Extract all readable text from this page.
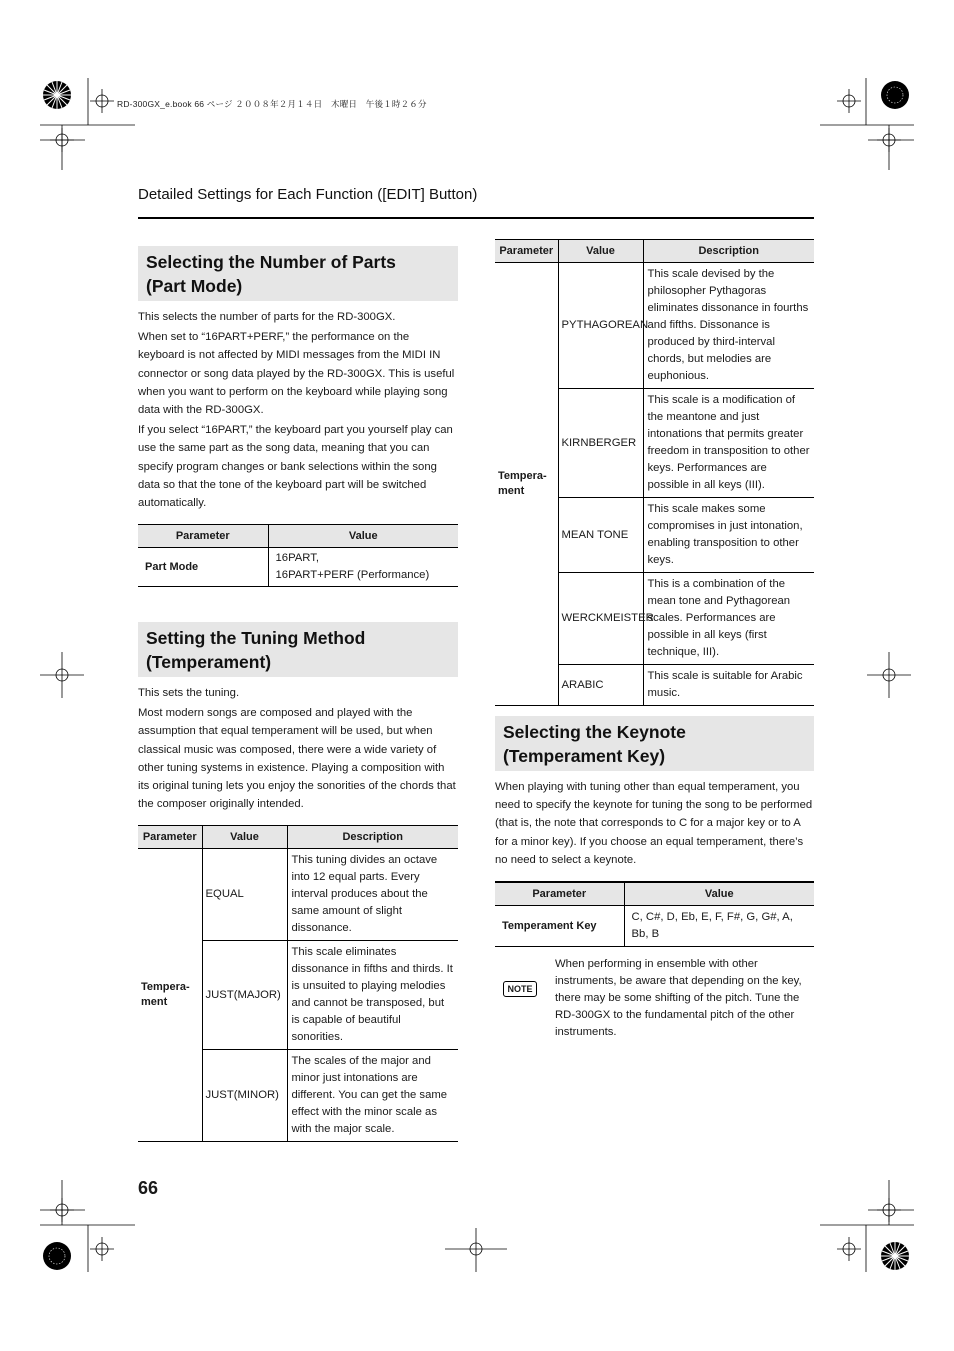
RD-300GX_e.book 66 ページ ２００８年２月１４日　木曜日　午後１時２６分
Detailed Settings for Each Function ([EDIT] Button)
Selecting the Number of Parts
(Part Mode)

This selects the number of parts for the RD-300GX.

When set to “16PART+PERF,” the performance on the keyboard is not affected by MIDI messages from the MIDI IN connector or song data played by the RD-300GX. This is useful when you want to perform on the keyboard while playing song data with the RD-300GX.

If you select “16PART,” the keyboard part you yourself play can use the same part as the song data, meaning that you can specify program changes or bank selections within the song data so that the tone of the keyboard part will be switched automatically.

Parameter	Value
Part Mode	16PART,
16PART+PERF (Performance)
Setting the Tuning Method
(Temperament)

This sets the tuning.

Most modern songs are composed and played with the assumption that equal temperament will be used, but when classical music was composed, there were a wide variety of other tuning systems in existence. Playing a composition with its original tuning lets you enjoy the sonorities of the chords that the composer originally intended.

Parameter	Value	Description

Tempera-
ment	EQUAL	This tuning divides an octave into 12 equal parts. Every interval produces about the same amount of slight dissonance.
	JUST(MAJOR)	This scale eliminates dissonance in fifths and thirds. It is unsuited to playing melodies and cannot be transposed, but is capable of beautiful sonorities.
	JUST(MINOR)	The scales of the major and minor just intonations are different. You can get the same effect with the minor scale as with the major scale.
Parameter	Value	Description

Tempera-
ment	PYTHAGOREAN	This scale devised by the philosopher Pythagoras eliminates dissonance in fourths and fifths. Dissonance is produced by third-interval chords, but melodies are euphonious.
	KIRNBERGER	This scale is a modification of the meantone and just intonations that permits greater freedom in transposition to other keys. Performances are possible in all keys (III).
	MEAN TONE	This scale makes some compromises in just intonation, enabling transposition to other keys.
	WERCKMEISTER	This is a combination of the mean tone and Pythagorean scales. Performances are possible in all keys (first technique, III).
	ARABIC	This scale is suitable for Arabic music.
Selecting the Keynote
(Temperament Key)

When playing with tuning other than equal temperament, you need to specify the keynote for tuning the song to be performed (that is, the note that corresponds to C for a major key or to A for a minor key). If you choose an equal temperament, there’s no need to select a keynote.

Parameter	Value
Temperament Key	C, C#, D, Eb, E, F, F#, G, G#, A, Bb, B
NOTE
When performing in ensemble with other instruments, be aware that depending on the key, there may be some shifting of the pitch. Tune the RD-300GX to the fundamental pitch of the other instruments.
66
